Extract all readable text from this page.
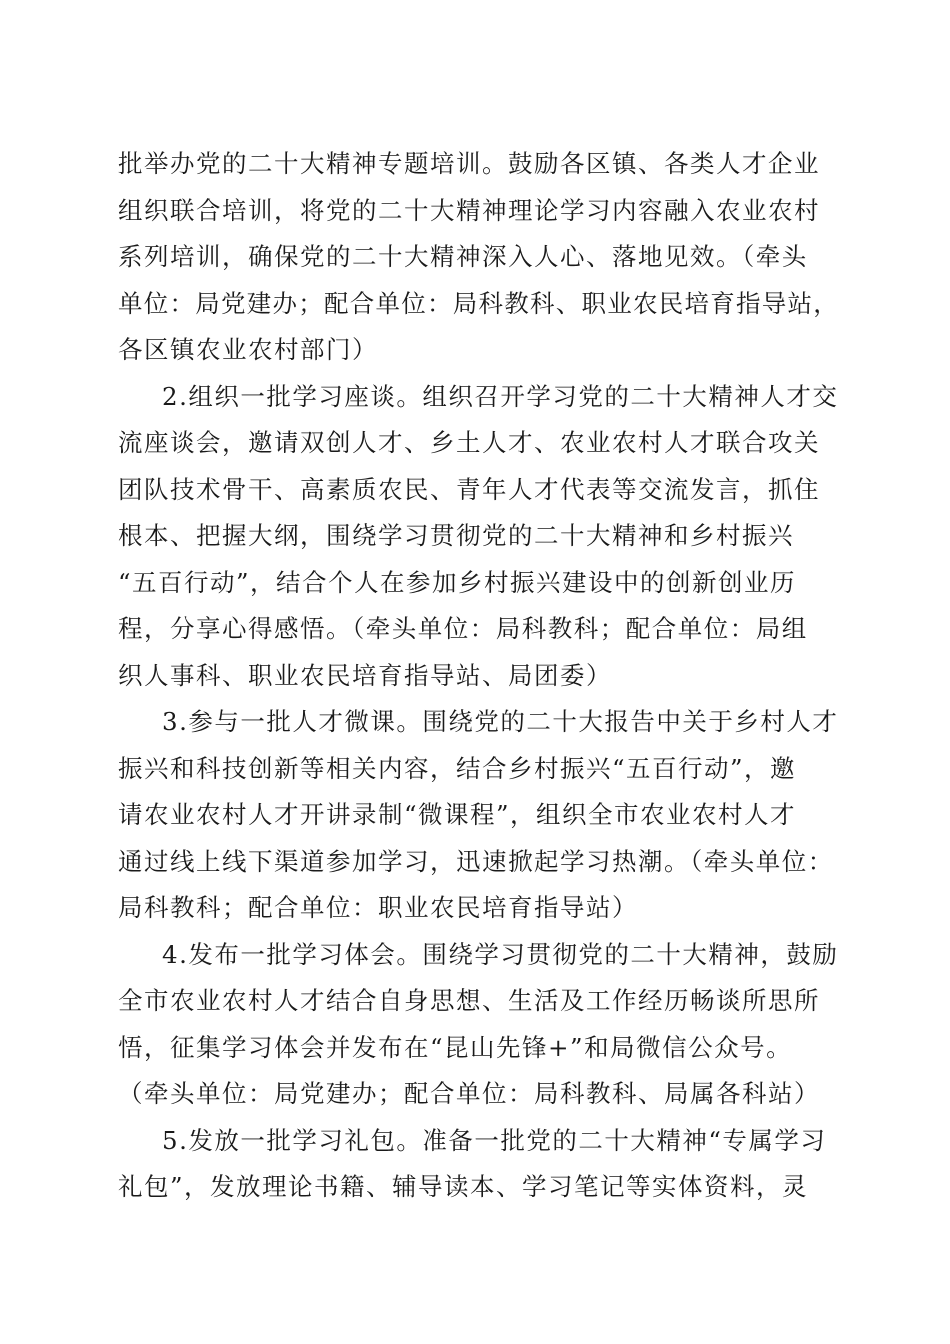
批举办党的二十大精神专题培训。鼓励各区镇、各类人才企业
组织联合培训，将党的二十大精神理论学习内容融入农业农村
系列培训，确保党的二十大精神深入人心、落地见效。（牵头
单位：局党建办；配合单位：局科教科、职业农民培育指导站，
各区镇农业农村部门）
2.组织一批学习座谈。组织召开学习党的二十大精神人才交
流座谈会，邀请双创人才、乡土人才、农业农村人才联合攻关
团队技术骨干、高素质农民、青年人才代表等交流发言，抓住
根本、把握大纲，围绕学习贯彻党的二十大精神和乡村振兴
“五百行动”，结合个人在参加乡村振兴建设中的创新创业历
程，分享心得感悟。（牵头单位：局科教科；配合单位：局组
织人事科、职业农民培育指导站、局团委）
3.参与一批人才微课。围绕党的二十大报告中关于乡村人才
振兴和科技创新等相关内容，结合乡村振兴“五百行动”，邀
请农业农村人才开讲录制“微课程”，组织全市农业农村人才
通过线上线下渠道参加学习，迅速掀起学习热潮。（牵头单位：
局科教科；配合单位：职业农民培育指导站）
4.发布一批学习体会。围绕学习贯彻党的二十大精神，鼓励
全市农业农村人才结合自身思想、生活及工作经历畅谈所思所
悟，征集学习体会并发布在“昆山先锋+”和局微信公众号。
（牵头单位：局党建办；配合单位：局科教科、局属各科站）
5.发放一批学习礼包。准备一批党的二十大精神“专属学习
礼包”，发放理论书籍、辅导读本、学习笔记等实体资料，灵
